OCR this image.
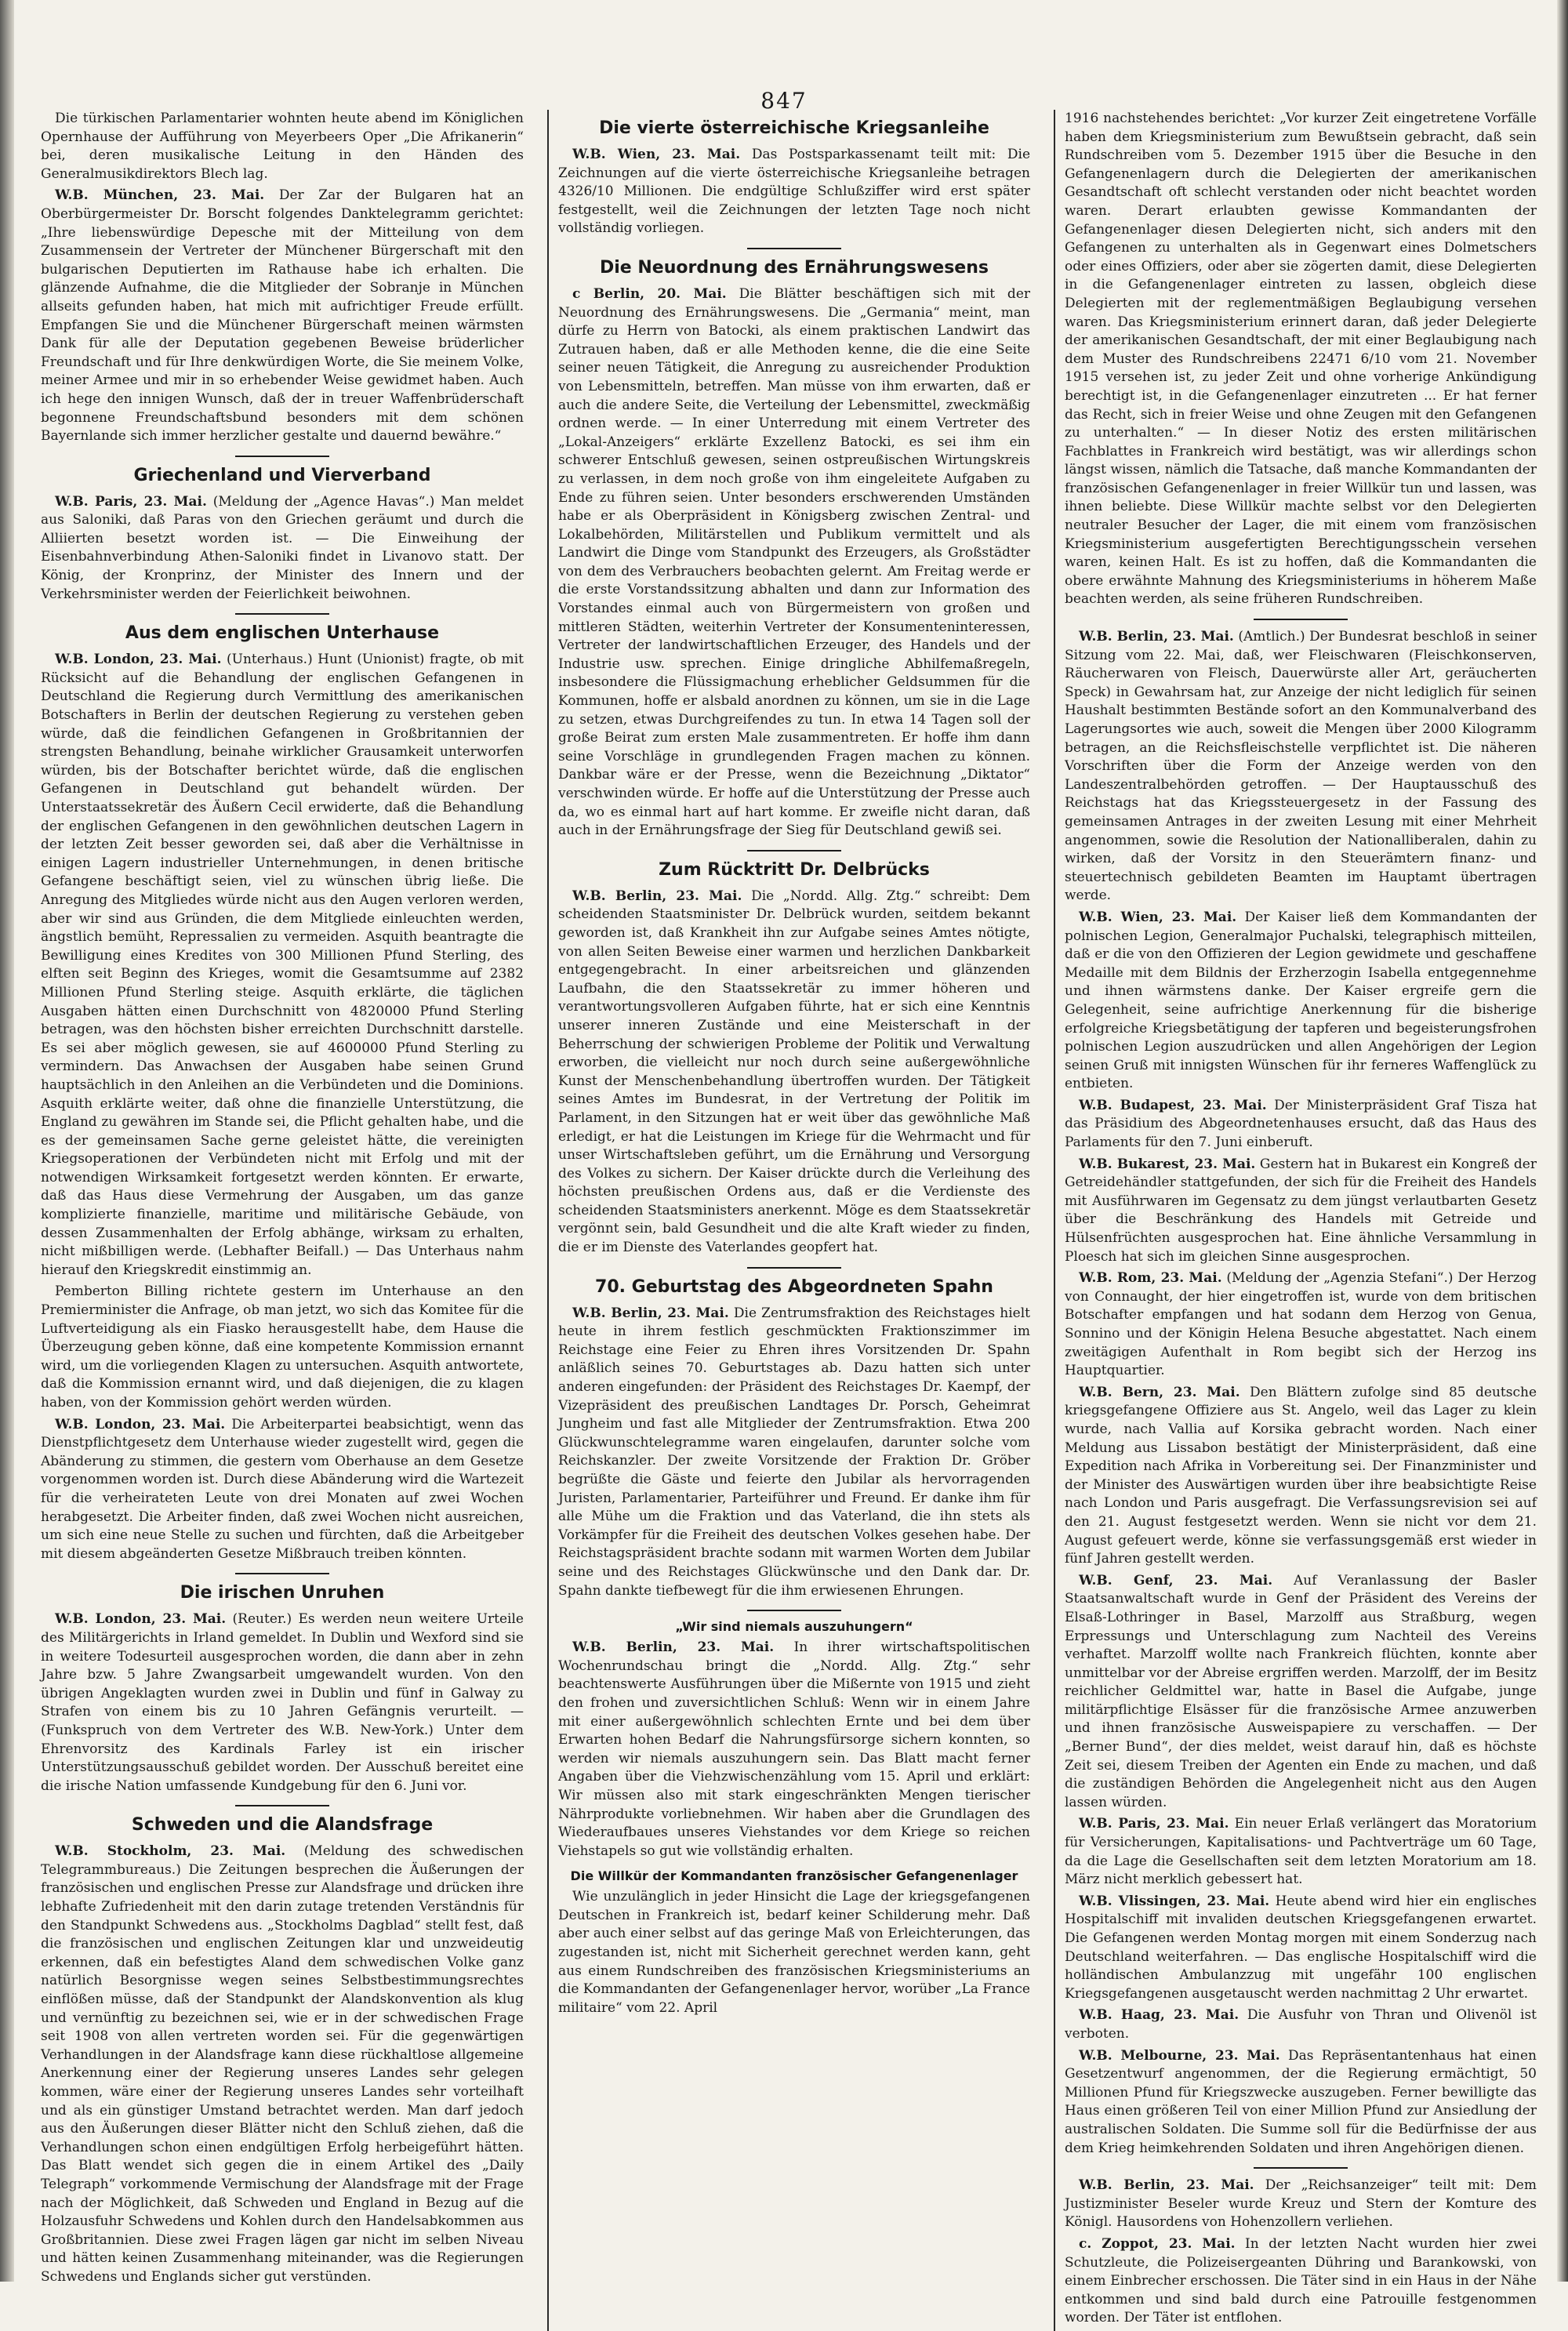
847

Die türkischen Parlamentarier wohnten heute abend im Königlichen Opernhause der Aufführung von Meyerbeers Oper „Die Afrikanerin“ bei, deren musikalische Leitung in den Händen des Generalmusikdirektors Blech lag.

W.B. München, 23. Mai. Der Zar der Bulgaren hat an Oberbürgermeister Dr. Borscht folgendes Danktelegramm gerichtet: „Ihre liebenswürdige Depesche mit der Mitteilung von dem Zusammensein der Vertreter der Münchener Bürgerschaft mit den bulgarischen Deputierten im Rathause habe ich erhalten. Die glänzende Aufnahme, die die Mitglieder der Sobranje in München allseits gefunden haben, hat mich mit aufrichtiger Freude erfüllt. Empfangen Sie und die Münchener Bürgerschaft meinen wärmsten Dank für alle der Deputation gegebenen Beweise brüderlicher Freundschaft und für Ihre denkwürdigen Worte, die Sie meinem Volke, meiner Armee und mir in so erhebender Weise gewidmet haben. Auch ich hege den innigen Wunsch, daß der in treuer Waffenbrüderschaft begonnene Freundschaftsbund besonders mit dem schönen Bayernlande sich immer herzlicher gestalte und dauernd bewähre.“

Griechenland und Vierverband

W.B. Paris, 23. Mai. (Meldung der „Agence Havas“.) Man meldet aus Saloniki, daß Paras von den Griechen geräumt und durch die Alliierten besetzt worden ist. — Die Einweihung der Eisenbahnverbindung Athen-Saloniki findet in Livanovo statt. Der König, der Kronprinz, der Minister des Innern und der Verkehrsminister werden der Feierlichkeit beiwohnen.

Aus dem englischen Unterhause

W.B. London, 23. Mai. (Unterhaus.) Hunt (Unionist) fragte, ob mit Rücksicht auf die Behandlung der englischen Gefangenen in Deutschland die Regierung durch Vermittlung des amerikanischen Botschafters in Berlin der deutschen Regierung zu verstehen geben würde, daß die feindlichen Gefangenen in Großbritannien der strengsten Behandlung, beinahe wirklicher Grausamkeit unterworfen würden, bis der Botschafter berichtet würde, daß die englischen Gefangenen in Deutschland gut behandelt würden. Der Unterstaatssekretär des Äußern Cecil erwiderte, daß die Behandlung der englischen Gefangenen in den gewöhnlichen deutschen Lagern in der letzten Zeit besser geworden sei, daß aber die Verhältnisse in einigen Lagern industrieller Unternehmungen, in denen britische Gefangene beschäftigt seien, viel zu wünschen übrig ließe. Die Anregung des Mitgliedes würde nicht aus den Augen verloren werden, aber wir sind aus Gründen, die dem Mitgliede einleuchten werden, ängstlich bemüht, Repressalien zu vermeiden. Asquith beantragte die Bewilligung eines Kredites von 300 Millionen Pfund Sterling, des elften seit Beginn des Krieges, womit die Gesamtsumme auf 2382 Millionen Pfund Sterling steige. Asquith erklärte, die täglichen Ausgaben hätten einen Durchschnitt von 4820000 Pfund Sterling betragen, was den höchsten bisher erreichten Durchschnitt darstelle. Es sei aber möglich gewesen, sie auf 4600000 Pfund Sterling zu vermindern. Das Anwachsen der Ausgaben habe seinen Grund hauptsächlich in den Anleihen an die Verbündeten und die Dominions. Asquith erklärte weiter, daß ohne die finanzielle Unterstützung, die England zu gewähren im Stande sei, die Pflicht gehalten habe, und die es der gemeinsamen Sache gerne geleistet hätte, die vereinigten Kriegsoperationen der Verbündeten nicht mit Erfolg und mit der notwendigen Wirksamkeit fortgesetzt werden könnten. Er erwarte, daß das Haus diese Vermehrung der Ausgaben, um das ganze komplizierte finanzielle, maritime und militärische Gebäude, von dessen Zusammenhalten der Erfolg abhänge, wirksam zu erhalten, nicht mißbilligen werde. (Lebhafter Beifall.) — Das Unterhaus nahm hierauf den Kriegskredit einstimmig an.

Pemberton Billing richtete gestern im Unterhause an den Premierminister die Anfrage, ob man jetzt, wo sich das Komitee für die Luftverteidigung als ein Fiasko herausgestellt habe, dem Hause die Überzeugung geben könne, daß eine kompetente Kommission ernannt wird, um die vorliegenden Klagen zu untersuchen. Asquith antwortete, daß die Kommission ernannt wird, und daß diejenigen, die zu klagen haben, von der Kommission gehört werden würden.

W.B. London, 23. Mai. Die Arbeiterpartei beabsichtigt, wenn das Dienstpflichtgesetz dem Unterhause wieder zugestellt wird, gegen die Abänderung zu stimmen, die gestern vom Oberhause an dem Gesetze vorgenommen worden ist. Durch diese Abänderung wird die Wartezeit für die verheirateten Leute von drei Monaten auf zwei Wochen herabgesetzt. Die Arbeiter finden, daß zwei Wochen nicht ausreichen, um sich eine neue Stelle zu suchen und fürchten, daß die Arbeitgeber mit diesem abgeänderten Gesetze Mißbrauch treiben könnten.

Die irischen Unruhen

W.B. London, 23. Mai. (Reuter.) Es werden neun weitere Urteile des Militärgerichts in Irland gemeldet. In Dublin und Wexford sind sie in weitere Todesurteil ausgesprochen worden, die dann aber in zehn Jahre bzw. 5 Jahre Zwangsarbeit umgewandelt wurden. Von den übrigen Angeklagten wurden zwei in Dublin und fünf in Galway zu Strafen von einem bis zu 10 Jahren Gefängnis verurteilt. — (Funkspruch von dem Vertreter des W.B. New-York.) Unter dem Ehrenvorsitz des Kardinals Farley ist ein irischer Unterstützungsausschuß gebildet worden. Der Ausschuß bereitet eine die irische Nation umfassende Kundgebung für den 6. Juni vor.

Schweden und die Alandsfrage

W.B. Stockholm, 23. Mai. (Meldung des schwedischen Telegrammbureaus.) Die Zeitungen besprechen die Äußerungen der französischen und englischen Presse zur Alandsfrage und drücken ihre lebhafte Zufriedenheit mit den darin zutage tretenden Verständnis für den Standpunkt Schwedens aus. „Stockholms Dagblad“ stellt fest, daß die französischen und englischen Zeitungen klar und unzweideutig erkennen, daß ein befestigtes Aland dem schwedischen Volke ganz natürlich Besorgnisse wegen seines Selbstbestimmungsrechtes einflößen müsse, daß der Standpunkt der Alandskonvention als klug und vernünftig zu bezeichnen sei, wie er in der schwedischen Frage seit 1908 von allen vertreten worden sei. Für die gegenwärtigen Verhandlungen in der Alandsfrage kann diese rückhaltlose allgemeine Anerkennung einer der Regierung unseres Landes sehr gelegen kommen, wäre einer der Regierung unseres Landes sehr vorteilhaft und als ein günstiger Umstand betrachtet werden. Man darf jedoch aus den Äußerungen dieser Blätter nicht den Schluß ziehen, daß die Verhandlungen schon einen endgültigen Erfolg herbeigeführt hätten. Das Blatt wendet sich gegen die in einem Artikel des „Daily Telegraph“ vorkommende Vermischung der Alandsfrage mit der Frage nach der Möglichkeit, daß Schweden und England in Bezug auf die Holzausfuhr Schwedens und Kohlen durch den Handelsabkommen aus Großbritannien. Diese zwei Fragen lägen gar nicht im selben Niveau und hätten keinen Zusammenhang miteinander, was die Regierungen Schwedens und Englands sicher gut verstünden.

Die vierte österreichische Kriegsanleihe

W.B. Wien, 23. Mai. Das Postsparkassenamt teilt mit: Die Zeichnungen auf die vierte österreichische Kriegsanleihe betragen 4326/10 Millionen. Die endgültige Schlußziffer wird erst später festgestellt, weil die Zeichnungen der letzten Tage noch nicht vollständig vorliegen.

Die Neuordnung des Ernährungswesens

c Berlin, 20. Mai. Die Blätter beschäftigen sich mit der Neuordnung des Ernährungswesens. Die „Germania“ meint, man dürfe zu Herrn von Batocki, als einem praktischen Landwirt das Zutrauen haben, daß er alle Methoden kenne, die die eine Seite seiner neuen Tätigkeit, die Anregung zu ausreichender Produktion von Lebensmitteln, betreffen. Man müsse von ihm erwarten, daß er auch die andere Seite, die Verteilung der Lebensmittel, zweckmäßig ordnen werde. — In einer Unterredung mit einem Vertreter des „Lokal-Anzeigers“ erklärte Exzellenz Batocki, es sei ihm ein schwerer Entschluß gewesen, seinen ostpreußischen Wirtungskreis zu verlassen, in dem noch große von ihm eingeleitete Aufgaben zu Ende zu führen seien. Unter besonders erschwerenden Umständen habe er als Oberpräsident in Königsberg zwischen Zentral- und Lokalbehörden, Militärstellen und Publikum vermittelt und als Landwirt die Dinge vom Standpunkt des Erzeugers, als Großstädter von dem des Verbrauchers beobachten gelernt. Am Freitag werde er die erste Vorstandssitzung abhalten und dann zur Information des Vorstandes einmal auch von Bürgermeistern von großen und mittleren Städten, weiterhin Vertreter der Konsumenteninteressen, Vertreter der landwirtschaftlichen Erzeuger, des Handels und der Industrie usw. sprechen. Einige dringliche Abhilfemaßregeln, insbesondere die Flüssigmachung erheblicher Geldsummen für die Kommunen, hoffe er alsbald anordnen zu können, um sie in die Lage zu setzen, etwas Durchgreifendes zu tun. In etwa 14 Tagen soll der große Beirat zum ersten Male zusammentreten. Er hoffe ihm dann seine Vorschläge in grundlegenden Fragen machen zu können. Dankbar wäre er der Presse, wenn die Bezeichnung „Diktator“ verschwinden würde. Er hoffe auf die Unterstützung der Presse auch da, wo es einmal hart auf hart komme. Er zweifle nicht daran, daß auch in der Ernährungsfrage der Sieg für Deutschland gewiß sei.

Zum Rücktritt Dr. Delbrücks

W.B. Berlin, 23. Mai. Die „Nordd. Allg. Ztg.“ schreibt: Dem scheidenden Staatsminister Dr. Delbrück wurden, seitdem bekannt geworden ist, daß Krankheit ihn zur Aufgabe seines Amtes nötigte, von allen Seiten Beweise einer warmen und herzlichen Dankbarkeit entgegengebracht. In einer arbeitsreichen und glänzenden Laufbahn, die den Staatssekretär zu immer höheren und verantwortungsvolleren Aufgaben führte, hat er sich eine Kenntnis unserer inneren Zustände und eine Meisterschaft in der Beherrschung der schwierigen Probleme der Politik und Verwaltung erworben, die vielleicht nur noch durch seine außergewöhnliche Kunst der Menschenbehandlung übertroffen wurden. Der Tätigkeit seines Amtes im Bundesrat, in der Vertretung der Politik im Parlament, in den Sitzungen hat er weit über das gewöhnliche Maß erledigt, er hat die Leistungen im Kriege für die Wehrmacht und für unser Wirtschaftsleben geführt, um die Ernährung und Versorgung des Volkes zu sichern. Der Kaiser drückte durch die Verleihung des höchsten preußischen Ordens aus, daß er die Verdienste des scheidenden Staatsministers anerkennt. Möge es dem Staatssekretär vergönnt sein, bald Gesundheit und die alte Kraft wieder zu finden, die er im Dienste des Vaterlandes geopfert hat.

70. Geburtstag des Abgeordneten Spahn

W.B. Berlin, 23. Mai. Die Zentrumsfraktion des Reichstages hielt heute in ihrem festlich geschmückten Fraktionszimmer im Reichstage eine Feier zu Ehren ihres Vorsitzenden Dr. Spahn anläßlich seines 70. Geburtstages ab. Dazu hatten sich unter anderen eingefunden: der Präsident des Reichstages Dr. Kaempf, der Vizepräsident des preußischen Landtages Dr. Porsch, Geheimrat Jungheim und fast alle Mitglieder der Zentrumsfraktion. Etwa 200 Glückwunschtelegramme waren eingelaufen, darunter solche vom Reichskanzler. Der zweite Vorsitzende der Fraktion Dr. Gröber begrüßte die Gäste und feierte den Jubilar als hervorragenden Juristen, Parlamentarier, Parteiführer und Freund. Er danke ihm für alle Mühe um die Fraktion und das Vaterland, die ihn stets als Vorkämpfer für die Freiheit des deutschen Volkes gesehen habe. Der Reichstagspräsident brachte sodann mit warmen Worten dem Jubilar seine und des Reichstages Glückwünsche und den Dank dar. Dr. Spahn dankte tiefbewegt für die ihm erwiesenen Ehrungen.

„Wir sind niemals auszuhungern“

W.B. Berlin, 23. Mai. In ihrer wirtschaftspolitischen Wochenrundschau bringt die „Nordd. Allg. Ztg.“ sehr beachtenswerte Ausführungen über die Mißernte von 1915 und zieht den frohen und zuversichtlichen Schluß: Wenn wir in einem Jahre mit einer außergewöhnlich schlechten Ernte und bei dem über Erwarten hohen Bedarf die Nahrungsfürsorge sichern konnten, so werden wir niemals auszuhungern sein. Das Blatt macht ferner Angaben über die Viehzwischenzählung vom 15. April und erklärt: Wir müssen also mit stark eingeschränkten Mengen tierischer Nährprodukte vorliebnehmen. Wir haben aber die Grundlagen des Wiederaufbaues unseres Viehstandes vor dem Kriege so reichen Viehstapels so gut wie vollständig erhalten.

Die Willkür der Kommandanten französischer Gefangenenlager

Wie unzulänglich in jeder Hinsicht die Lage der kriegsgefangenen Deutschen in Frankreich ist, bedarf keiner Schilderung mehr. Daß aber auch einer selbst auf das geringe Maß von Erleichterungen, das zugestanden ist, nicht mit Sicherheit gerechnet werden kann, geht aus einem Rundschreiben des französischen Kriegsministeriums an die Kommandanten der Gefangenenlager hervor, worüber „La France militaire“ vom 22. April

1916 nachstehendes berichtet: „Vor kurzer Zeit eingetretene Vorfälle haben dem Kriegsministerium zum Bewußtsein gebracht, daß sein Rundschreiben vom 5. Dezember 1915 über die Besuche in den Gefangenenlagern durch die Delegierten der amerikanischen Gesandtschaft oft schlecht verstanden oder nicht beachtet worden waren. Derart erlaubten gewisse Kommandanten der Gefangenenlager diesen Delegierten nicht, sich anders mit den Gefangenen zu unterhalten als in Gegenwart eines Dolmetschers oder eines Offiziers, oder aber sie zögerten damit, diese Delegierten in die Gefangenenlager eintreten zu lassen, obgleich diese Delegierten mit der reglementmäßigen Beglaubigung versehen waren. Das Kriegsministerium erinnert daran, daß jeder Delegierte der amerikanischen Gesandtschaft, der mit einer Beglaubigung nach dem Muster des Rundschreibens 22471 6/10 vom 21. November 1915 versehen ist, zu jeder Zeit und ohne vorherige Ankündigung berechtigt ist, in die Gefangenenlager einzutreten ... Er hat ferner das Recht, sich in freier Weise und ohne Zeugen mit den Gefangenen zu unterhalten.“ — In dieser Notiz des ersten militärischen Fachblattes in Frankreich wird bestätigt, was wir allerdings schon längst wissen, nämlich die Tatsache, daß manche Kommandanten der französischen Gefangenenlager in freier Willkür tun und lassen, was ihnen beliebte. Diese Willkür machte selbst vor den Delegierten neutraler Besucher der Lager, die mit einem vom französischen Kriegsministerium ausgefertigten Berechtigungsschein versehen waren, keinen Halt. Es ist zu hoffen, daß die Kommandanten die obere erwähnte Mahnung des Kriegsministeriums in höherem Maße beachten werden, als seine früheren Rundschreiben.

W.B. Berlin, 23. Mai. (Amtlich.) Der Bundesrat beschloß in seiner Sitzung vom 22. Mai, daß, wer Fleischwaren (Fleischkonserven, Räucherwaren von Fleisch, Dauerwürste aller Art, geräucherten Speck) in Gewahrsam hat, zur Anzeige der nicht lediglich für seinen Haushalt bestimmten Bestände sofort an den Kommunalverband des Lagerungsortes wie auch, soweit die Mengen über 2000 Kilogramm betragen, an die Reichsfleischstelle verpflichtet ist. Die näheren Vorschriften über die Form der Anzeige werden von den Landeszentralbehörden getroffen. — Der Hauptausschuß des Reichstags hat das Kriegssteuergesetz in der Fassung des gemeinsamen Antrages in der zweiten Lesung mit einer Mehrheit angenommen, sowie die Resolution der Nationalliberalen, dahin zu wirken, daß der Vorsitz in den Steuerämtern finanz- und steuertechnisch gebildeten Beamten im Hauptamt übertragen werde.

W.B. Wien, 23. Mai. Der Kaiser ließ dem Kommandanten der polnischen Legion, Generalmajor Puchalski, telegraphisch mitteilen, daß er die von den Offizieren der Legion gewidmete und geschaffene Medaille mit dem Bildnis der Erzherzogin Isabella entgegennehme und ihnen wärmstens danke. Der Kaiser ergreife gern die Gelegenheit, seine aufrichtige Anerkennung für die bisherige erfolgreiche Kriegsbetätigung der tapferen und begeisterungsfrohen polnischen Legion auszudrücken und allen Angehörigen der Legion seinen Gruß mit innigsten Wünschen für ihr ferneres Waffenglück zu entbieten.

W.B. Budapest, 23. Mai. Der Ministerpräsident Graf Tisza hat das Präsidium des Abgeordnetenhauses ersucht, daß das Haus des Parlaments für den 7. Juni einberuft.

W.B. Bukarest, 23. Mai. Gestern hat in Bukarest ein Kongreß der Getreidehändler stattgefunden, der sich für die Freiheit des Handels mit Ausführwaren im Gegensatz zu dem jüngst verlautbarten Gesetz über die Beschränkung des Handels mit Getreide und Hülsenfrüchten ausgesprochen hat. Eine ähnliche Versammlung in Ploesch hat sich im gleichen Sinne ausgesprochen.

W.B. Rom, 23. Mai. (Meldung der „Agenzia Stefani“.) Der Herzog von Connaught, der hier eingetroffen ist, wurde von dem britischen Botschafter empfangen und hat sodann dem Herzog von Genua, Sonnino und der Königin Helena Besuche abgestattet. Nach einem zweitägigen Aufenthalt in Rom begibt sich der Herzog ins Hauptquartier.

W.B. Bern, 23. Mai. Den Blättern zufolge sind 85 deutsche kriegsgefangene Offiziere aus St. Angelo, weil das Lager zu klein wurde, nach Vallia auf Korsika gebracht worden. Nach einer Meldung aus Lissabon bestätigt der Ministerpräsident, daß eine Expedition nach Afrika in Vorbereitung sei. Der Finanzminister und der Minister des Auswärtigen wurden über ihre beabsichtigte Reise nach London und Paris ausgefragt. Die Verfassungsrevision sei auf den 21. August festgesetzt werden. Wenn sie nicht vor dem 21. August gefeuert werde, könne sie verfassungsgemäß erst wieder in fünf Jahren gestellt werden.

W.B. Genf, 23. Mai. Auf Veranlassung der Basler Staatsanwaltschaft wurde in Genf der Präsident des Vereins der Elsaß-Lothringer in Basel, Marzolff aus Straßburg, wegen Erpressungs und Unterschlagung zum Nachteil des Vereins verhaftet. Marzolff wollte nach Frankreich flüchten, konnte aber unmittelbar vor der Abreise ergriffen werden. Marzolff, der im Besitz reichlicher Geldmittel war, hatte in Basel die Aufgabe, junge militärpflichtige Elsässer für die französische Armee anzuwerben und ihnen französische Ausweispapiere zu verschaffen. — Der „Berner Bund“, der dies meldet, weist darauf hin, daß es höchste Zeit sei, diesem Treiben der Agenten ein Ende zu machen, und daß die zuständigen Behörden die Angelegenheit nicht aus den Augen lassen würden.

W.B. Paris, 23. Mai. Ein neuer Erlaß verlängert das Moratorium für Versicherungen, Kapitalisations- und Pachtverträge um 60 Tage, da die Lage die Gesellschaften seit dem letzten Moratorium am 18. März nicht merklich gebessert hat.

W.B. Vlissingen, 23. Mai. Heute abend wird hier ein englisches Hospitalschiff mit invaliden deutschen Kriegsgefangenen erwartet. Die Gefangenen werden Montag morgen mit einem Sonderzug nach Deutschland weiterfahren. — Das englische Hospitalschiff wird die holländischen Ambulanzzug mit ungefähr 100 englischen Kriegsgefangenen ausgetauscht werden nachmittag 2 Uhr erwartet.

W.B. Haag, 23. Mai. Die Ausfuhr von Thran und Olivenöl ist verboten.

W.B. Melbourne, 23. Mai. Das Repräsentantenhaus hat einen Gesetzentwurf angenommen, der die Regierung ermächtigt, 50 Millionen Pfund für Kriegszwecke auszugeben. Ferner bewilligte das Haus einen größeren Teil von einer Million Pfund zur Ansiedlung der australischen Soldaten. Die Summe soll für die Bedürfnisse der aus dem Krieg heimkehrenden Soldaten und ihren Angehörigen dienen.

W.B. Berlin, 23. Mai. Der „Reichsanzeiger“ teilt mit: Dem Justizminister Beseler wurde Kreuz und Stern der Komture des Königl. Hausordens von Hohenzollern verliehen.

c. Zoppot, 23. Mai. In der letzten Nacht wurden hier zwei Schutzleute, die Polizeisergeanten Dühring und Barankowski, von einem Einbrecher erschossen. Die Täter sind in ein Haus in der Nähe entkommen und sind bald durch eine Patrouille festgenommen worden. Der Täter ist entflohen.
